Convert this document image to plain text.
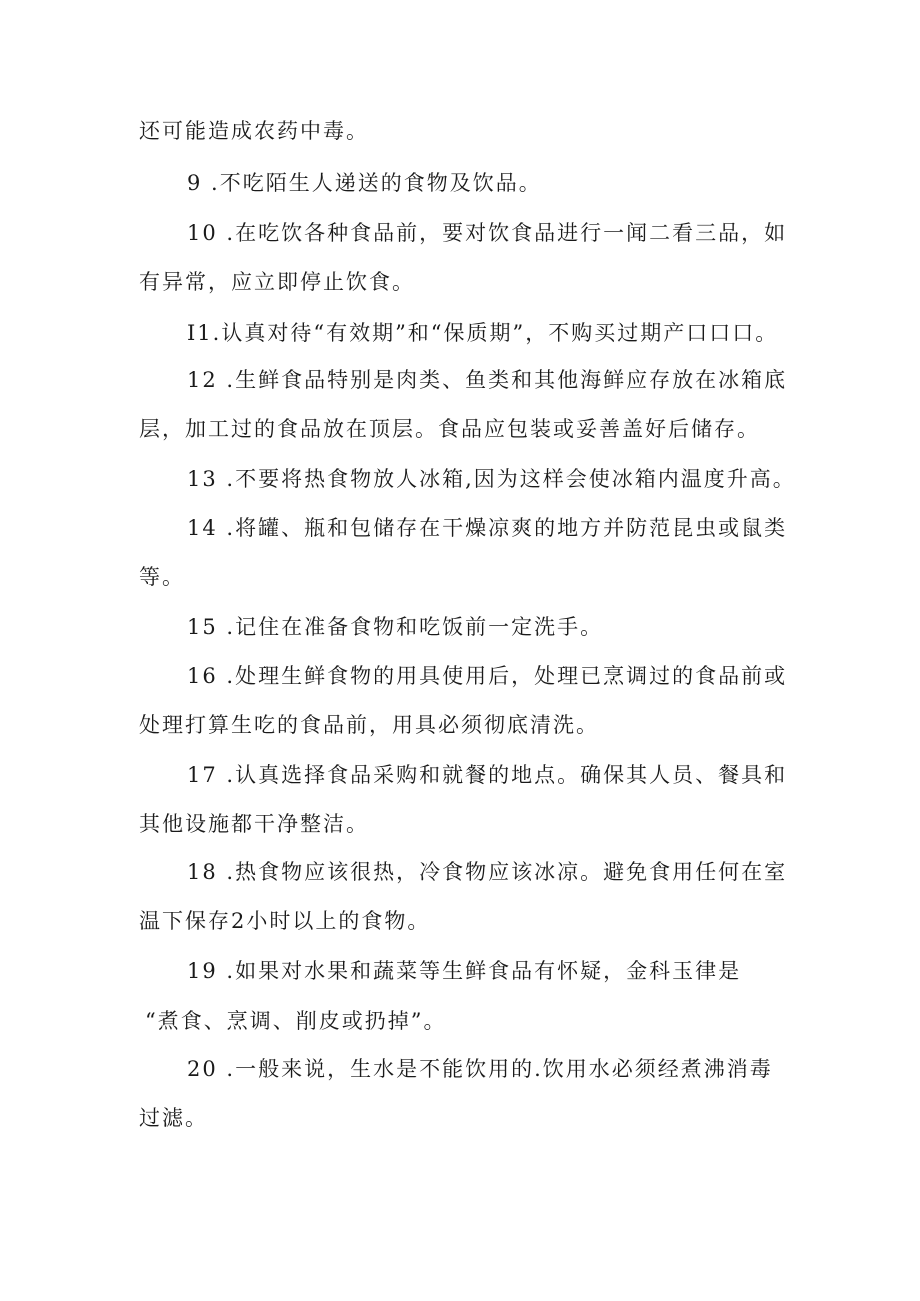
还可能造成农药中毒。
9 .不吃陌生人递送的食物及饮品。
10 .在吃饮各种食品前，要对饮食品进行一闻二看三品，如
有异常，应立即停止饮食。
I1.认真对待“有效期”和“保质期”，不购买过期产口口口。
12 .生鲜食品特别是肉类、鱼类和其他海鲜应存放在冰箱底
层，加工过的食品放在顶层。食品应包装或妥善盖好后储存。
13 .不要将热食物放人冰箱,因为这样会使冰箱内温度升高。
14 .将罐、瓶和包储存在干燥凉爽的地方并防范昆虫或鼠类
等。
15 .记住在准备食物和吃饭前一定洗手。
16 .处理生鲜食物的用具使用后，处理已烹调过的食品前或
处理打算生吃的食品前，用具必须彻底清洗。
17 .认真选择食品采购和就餐的地点。确保其人员、餐具和
其他设施都干净整洁。
18 .热食物应该很热，冷食物应该冰凉。避免食用任何在室
温下保存2小时以上的食物。
19 .如果对水果和蔬菜等生鲜食品有怀疑，金科玉律是
“煮食、烹调、削皮或扔掉”。
20 .一般来说，生水是不能饮用的.饮用水必须经煮沸消毒
过滤。
